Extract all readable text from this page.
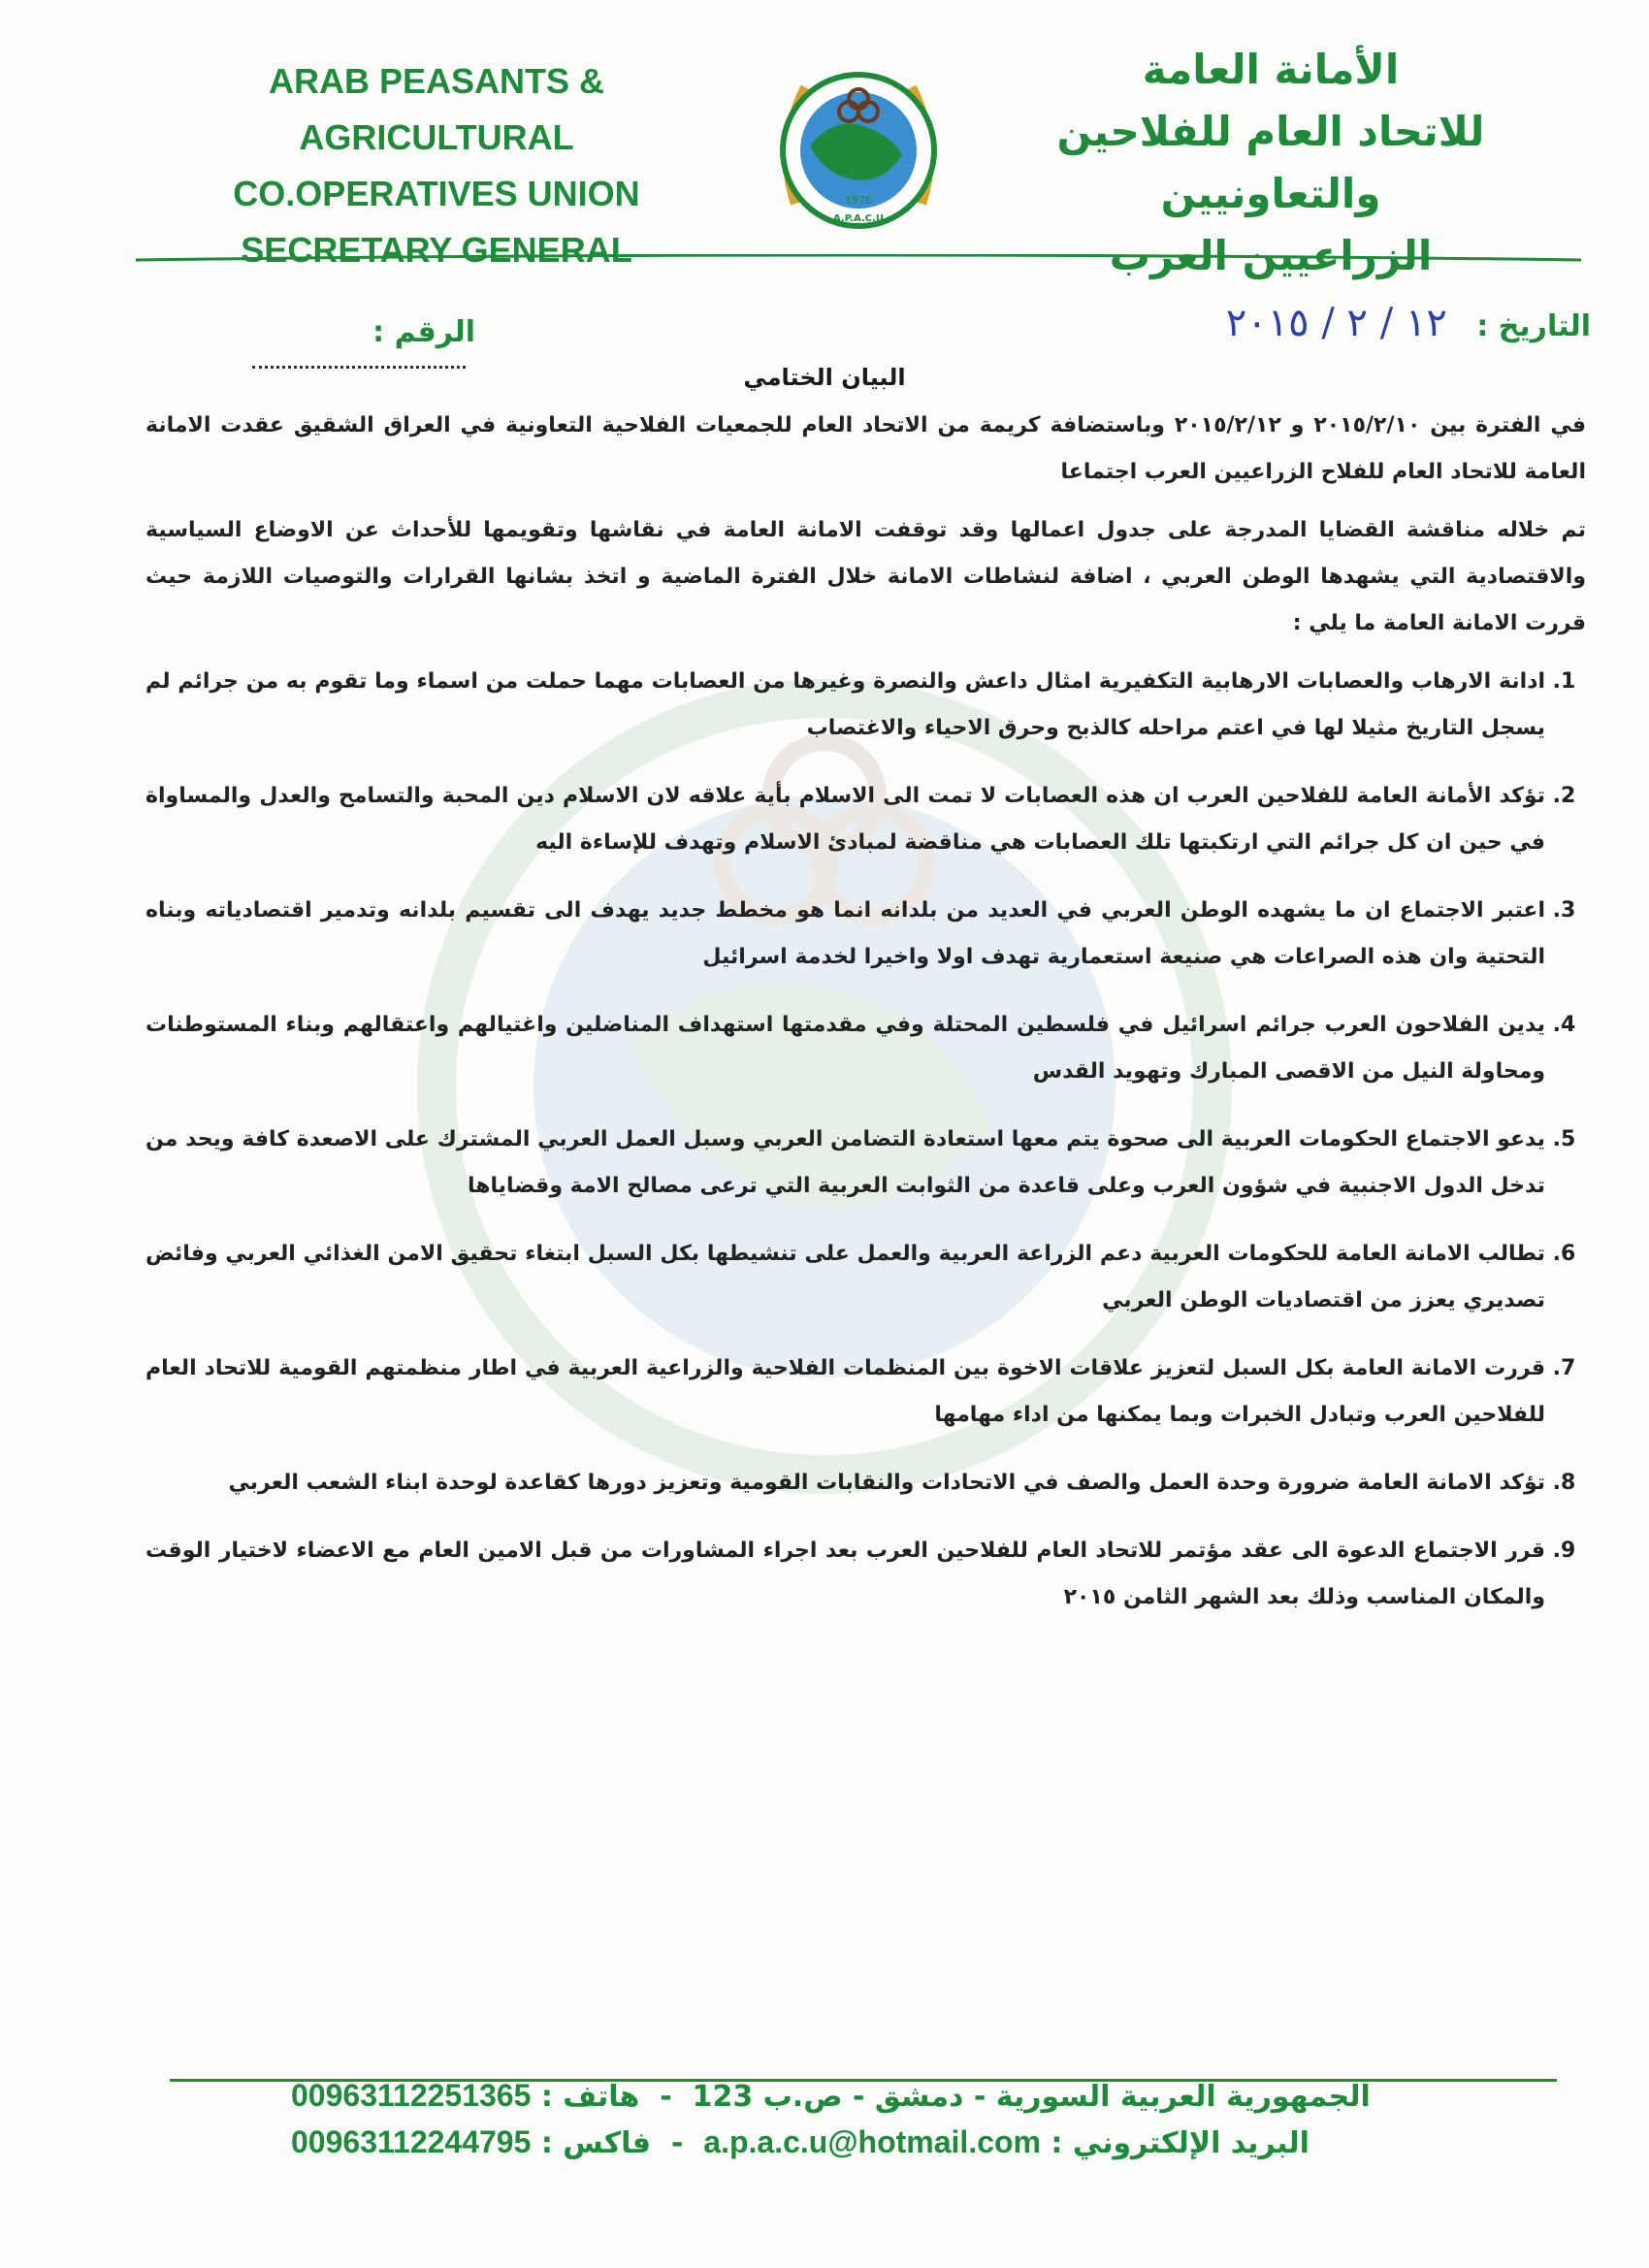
ARAB PEASANTS & AGRICULTURAL
CO.OPERATIVES UNION
SECRETARY GENERAL
1976
A.P.A.C.U
الأمانة العامة
للاتحاد العام للفلاحين والتعاونيين
الزراعيين العرب
التاريخ : ١٢ / ٢ / ٢٠١٥
الرقم :
البيان الختامي

في الفترة بين ٢٠١٥/٢/١٠ و ٢٠١٥/٢/١٢ وباستضافة كريمة من الاتحاد العام للجمعيات الفلاحية التعاونية في العراق الشقيق عقدت الامانة العامة للاتحاد العام للفلاح الزراعيين العرب اجتماعا

تم خلاله مناقشة القضايا المدرجة على جدول اعمالها وقد توقفت الامانة العامة في نقاشها وتقويمها للأحداث عن الاوضاع السياسية والاقتصادية التي يشهدها الوطن العربي ، اضافة لنشاطات الامانة خلال الفترة الماضية و اتخذ بشانها القرارات والتوصيات اللازمة حيث قررت الامانة العامة ما يلي :

1. ادانة الارهاب والعصابات الارهابية التكفيرية امثال داعش والنصرة وغيرها من العصابات مهما حملت من اسماء وما تقوم به من جرائم لم يسجل التاريخ مثيلا لها في اعتم مراحله كالذبح وحرق الاحياء والاغتصاب
2. تؤكد الأمانة العامة للفلاحين العرب ان هذه العصابات لا تمت الى الاسلام بأية علاقه لان الاسلام دين المحبة والتسامح والعدل والمساواة في حين ان كل جرائم التي ارتكبتها تلك العصابات هي مناقضة لمبادئ الاسلام وتهدف للإساءة اليه
3. اعتبر الاجتماع ان ما يشهده الوطن العربي في العديد من بلدانه انما هو مخطط جديد يهدف الى تقسيم بلدانه وتدمير اقتصادياته وبناه التحتية وان هذه الصراعات هي صنيعة استعمارية تهدف اولا واخيرا لخدمة اسرائيل
4. يدين الفلاحون العرب جرائم اسرائيل في فلسطين المحتلة وفي مقدمتها استهداف المناضلين واغتيالهم واعتقالهم وبناء المستوطنات ومحاولة النيل من الاقصى المبارك وتهويد القدس
5. يدعو الاجتماع الحكومات العربية الى صحوة يتم معها استعادة التضامن العربي وسبل العمل العربي المشترك على الاصعدة كافة ويحد من تدخل الدول الاجنبية في شؤون العرب وعلى قاعدة من الثوابت العربية التي ترعى مصالح الامة وقضاياها
6. تطالب الامانة العامة للحكومات العربية دعم الزراعة العربية والعمل على تنشيطها بكل السبل ابتغاء تحقيق الامن الغذائي العربي وفائض تصديري يعزز من اقتصاديات الوطن العربي
7. قررت الامانة العامة بكل السبل لتعزيز علاقات الاخوة بين المنظمات الفلاحية والزراعية العربية في اطار منظمتهم القومية للاتحاد العام للفلاحين العرب وتبادل الخبرات وبما يمكنها من اداء مهامها
8. تؤكد الامانة العامة ضرورة وحدة العمل والصف في الاتحادات والنقابات القومية وتعزيز دورها كقاعدة لوحدة ابناء الشعب العربي
9. قرر الاجتماع الدعوة الى عقد مؤتمر للاتحاد العام للفلاحين العرب بعد اجراء المشاورات من قبل الامين العام مع الاعضاء لاختيار الوقت والمكان المناسب وذلك بعد الشهر الثامن ٢٠١٥
00963112251365 هاتف :  -  الجمهورية العربية السورية - دمشق - ص.ب 123
00963112244795 فاكس :  -  a.p.a.c.u@hotmail.com البريد الإلكتروني :
